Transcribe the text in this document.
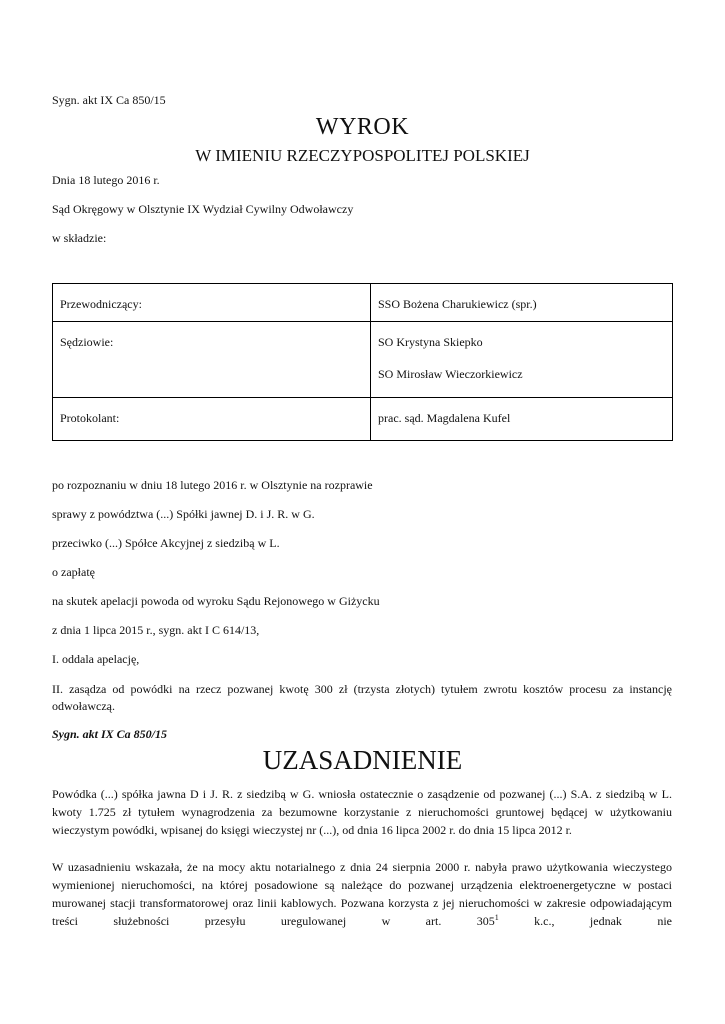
Sygn. akt IX Ca 850/15
WYROK
W IMIENIU RZECZYPOSPOLITEJ POLSKIEJ
Dnia 18 lutego 2016 r.
Sąd Okręgowy w Olsztynie IX Wydział Cywilny Odwoławczy
w składzie:
Przewodniczący:	SSO Bożena Charukiewicz (spr.)

Sędziowie:	SO Krystyna Skiepko

SO Mirosław Wieczorkiewicz

Protokolant:	prac. sąd. Magdalena Kufel

po rozpoznaniu w dniu 18 lutego 2016 r. w Olsztynie na rozprawie
sprawy z powództwa (...) Spółki jawnej D. i J. R. w G.
przeciwko (...) Spółce Akcyjnej z siedzibą w L.
o zapłatę
na skutek apelacji powoda od wyroku Sądu Rejonowego w Giżycku
z dnia 1 lipca 2015 r., sygn. akt I C 614/13,
I. oddala apelację,
II. zasądza od powódki na rzecz pozwanej kwotę 300 zł (trzysta złotych) tytułem zwrotu kosztów procesu za instancję odwoławczą.
Sygn. akt IX Ca 850/15
UZASADNIENIE
Powódka (...) spółka jawna D i J. R. z siedzibą w G. wniosła ostatecznie o zasądzenie od pozwanej (...) S.A. z siedzibą w L. kwoty 1.725 zł tytułem wynagrodzenia za bezumowne korzystanie z nieruchomości gruntowej będącej w użytkowaniu wieczystym powódki, wpisanej do księgi wieczystej nr (...), od dnia 16 lipca 2002 r. do dnia 15 lipca 2012 r.
W uzasadnieniu wskazała, że na mocy aktu notarialnego z dnia 24 sierpnia 2000 r. nabyła prawo użytkowania wieczystego wymienionej nieruchomości, na której posadowione są należące do pozwanej urządzenia elektroenergetyczne w postaci murowanej stacji transformatorowej oraz linii kablowych. Pozwana korzysta z jej nieruchomości w zakresie odpowiadającym treści służebności przesyłu uregulowanej w art. $305^1$ k.c., jednak nie
